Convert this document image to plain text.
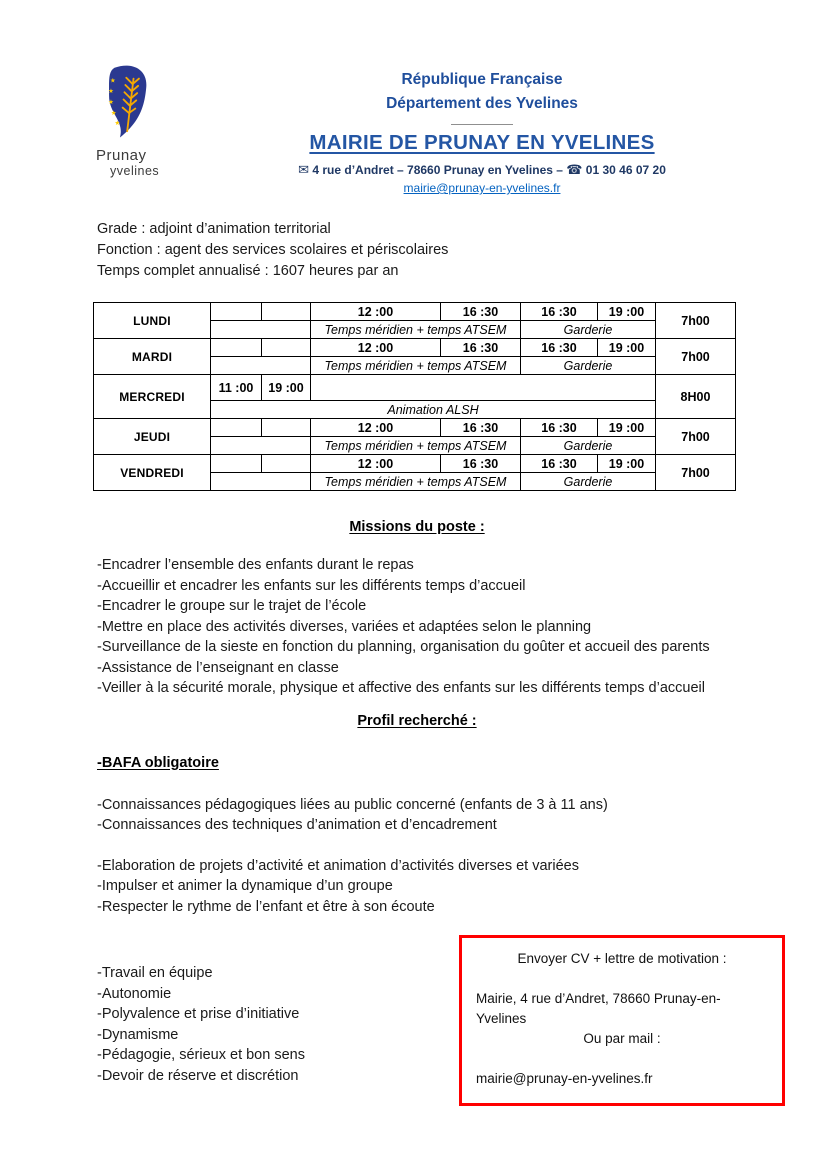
★
★
★
★
★
Prunay
yvelines
République Française
Département des Yvelines
MAIRIE DE PRUNAY EN YVELINES
✉ 4 rue d’Andret – 78660 Prunay en Yvelines – ☎ 01 30 46 07 20
mairie@prunay-en-yvelines.fr
Grade : adjoint d’animation territorial
Fonction : agent des services scolaires et périscolaires
Temps complet annualisé : 1607 heures par an
LUNDI			12 :00	16 :30	16 :30	19 :00	7h00
			Temps méridien + temps ATSEM		Garderie		
MARDI			12 :00	16 :30	16 :30	19 :00	7h00
			Temps méridien + temps ATSEM		Garderie		
MERCREDI	11 :00	19 :00					8H00
	Animation ALSH						
JEUDI			12 :00	16 :30	16 :30	19 :00	7h00
			Temps méridien + temps ATSEM		Garderie		
VENDREDI			12 :00	16 :30	16 :30	19 :00	7h00
			Temps méridien + temps ATSEM		Garderie		
Missions du poste :
-Encadrer l’ensemble des enfants durant le repas
-Accueillir et encadrer les enfants sur les différents temps d’accueil
-Encadrer le groupe sur le trajet de l’école
-Mettre en place des activités diverses, variées et adaptées selon le planning
-Surveillance de la sieste en fonction du planning, organisation du goûter et accueil des parents
-Assistance de l’enseignant en classe
-Veiller à la sécurité morale, physique et affective des enfants sur les différents temps d’accueil
Profil recherché :
-BAFA obligatoire
-Connaissances pédagogiques liées au public concerné (enfants de 3 à 11 ans)
-Connaissances des techniques d’animation et d’encadrement
-Elaboration de projets d’activité et animation d’activités diverses et variées
-Impulser et animer la dynamique d’un groupe
-Respecter le rythme de l’enfant et être à son écoute
-Travail en équipe
-Autonomie
-Polyvalence et prise d’initiative
-Dynamisme
-Pédagogie, sérieux et bon sens
-Devoir de réserve et discrétion
Envoyer CV + lettre de motivation :
Mairie, 4 rue d’Andret, 78660 Prunay-en-Yvelines
Ou par mail :
mairie@prunay-en-yvelines.fr
